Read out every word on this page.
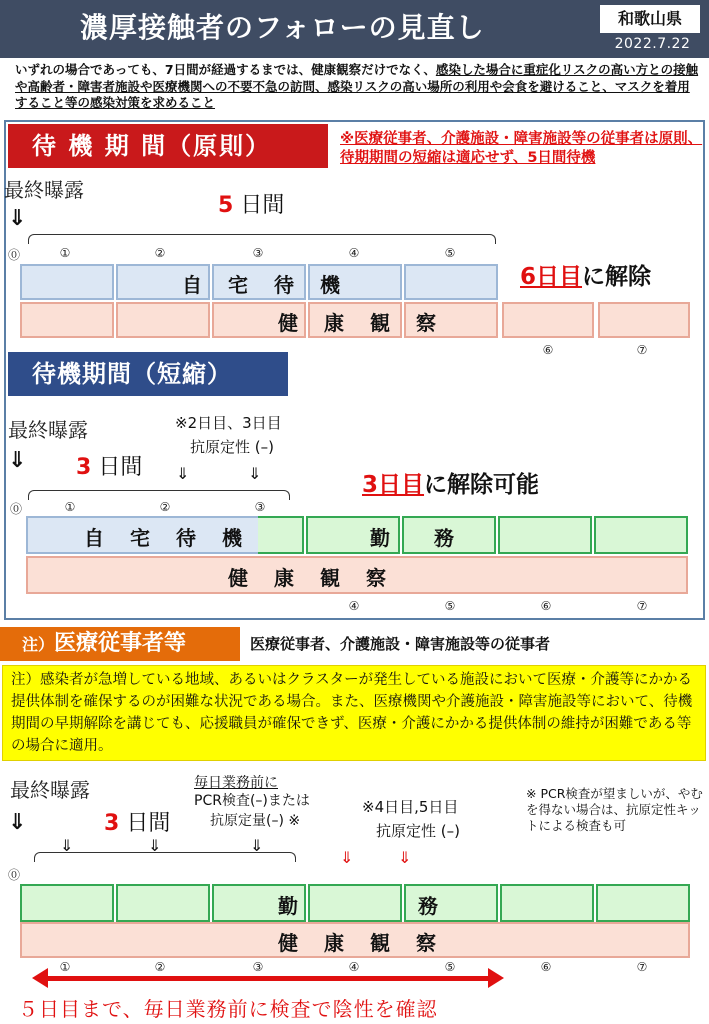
濃厚接触者のフォローの見直し	和歌山県
2022.7.22
いずれの場合であっても、7日間が経過するまでは、健康観察だけでなく、感染した場合に重症化リスクの高い方との接触や高齢者・障害者施設や医療機関への不要不急の訪問、感染リスクの高い場所の利用や会食を避けること、マスクを着用すること等の感染対策を求めること
待 機 期 間（原則）	※医療従事者、介護施設・障害施設等の従事者は原則、待期期間の短縮は適応せず、5日間待機
最終曝露
⇓
5 日間
⓪	①	②	③	④	⑤
自宅待機
健康観察
⑥	⑦
6日目に解除
待機期間（短縮）
最終曝露
⇓ 3 日間
※2日目、3日目
抗原定性 (–)
⇓	⇓
⓪	①	②	③
3日目に解除可能
自宅待機	勤務
健康観察
④	⑤	⑥	⑦
注）医療従事者等	医療従事者、介護施設・障害施設等の従事者
注）感染者が急増している地域、あるいはクラスターが発生している施設において医療・介護等にかかる提供体制を確保するのが困難な状況である場合。また、医療機関や介護施設・障害施設等において、待機期間の早期解除を講じても、応援職員が確保できず、医療・介護にかかる提供体制の維持が困難である等の場合に適用。
最終曝露
⇓	3 日間
毎日業務前に
PCR検査(–)または
抗原定量(–) ※
※4日目,5日目
抗原定性 (–)
※ PCR検査が望ましいが、やむを得ない場合は、抗原定性キットによる検査も可
⇓	⇓	⇓
⇓	⇓
⓪
勤務
健康観察
①	②	③	④	⑤	⑥	⑦
５日目まで、毎日業務前に検査で陰性を確認
